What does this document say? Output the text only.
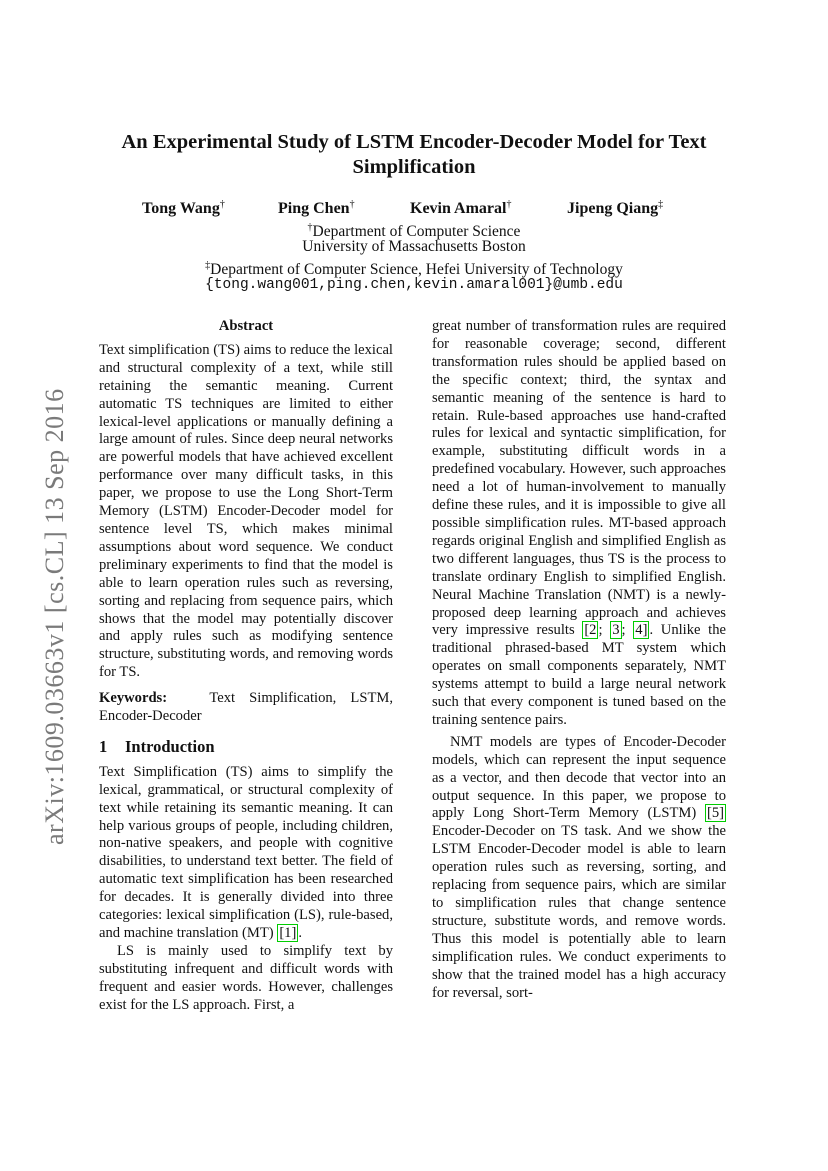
arXiv:1609.03663v1 [cs.CL] 13 Sep 2016
An Experimental Study of LSTM Encoder-Decoder Model for Text Simplification
Tong Wang†	Ping Chen†	Kevin Amaral†	Jipeng Qiang‡
†Department of Computer Science
University of Massachusetts Boston
‡Department of Computer Science, Hefei University of Technology
{tong.wang001,ping.chen,kevin.amaral001}@umb.edu
Abstract

Text simplification (TS) aims to reduce the lexical and structural complexity of a text, while still retaining the semantic meaning. Current automatic TS techniques are limited to either lexical-level applications or manually defining a large amount of rules. Since deep neural networks are powerful models that have achieved excellent performance over many difficult tasks, in this paper, we propose to use the Long Short-Term Memory (LSTM) Encoder-Decoder model for sentence level TS, which makes minimal assumptions about word sequence. We conduct preliminary experiments to find that the model is able to learn operation rules such as reversing, sorting and replacing from sequence pairs, which shows that the model may potentially discover and apply rules such as modifying sentence structure, substituting words, and removing words for TS.

Keywords:	Text Simplification, LSTM, Encoder-Decoder

1 Introduction

Text Simplification (TS) aims to simplify the lexical, grammatical, or structural complexity of text while retaining its semantic meaning. It can help various groups of people, including children, non-native speakers, and people with cognitive disabilities, to understand text better. The field of automatic text simplification has been researched for decades. It is generally divided into three categories: lexical simplification (LS), rule-based, and machine translation (MT) [1] .

LS is mainly used to simplify text by substituting infrequent and difficult words with frequent and easier words. However, challenges exist for the LS approach. First, a

great number of transformation rules are required for reasonable coverage; second, different transformation rules should be applied based on the specific context; third, the syntax and semantic meaning of the sentence is hard to retain. Rule-based approaches use hand-crafted rules for lexical and syntactic simplification, for example, substituting difficult words in a predefined vocabulary. However, such approaches need a lot of human-involvement to manually define these rules, and it is impossible to give all possible simplification rules. MT-based approach regards original English and simplified English as two different languages, thus TS is the process to translate ordinary English to simplified English. Neural Machine Translation (NMT) is a newly-proposed deep learning approach and achieves very impressive results [2 ; 3 ; 4] . Unlike the traditional phrased-based MT system which operates on small components separately, NMT systems attempt to build a large neural network such that every component is tuned based on the training sentence pairs.

NMT models are types of Encoder-Decoder models, which can represent the input sequence as a vector, and then decode that vector into an output sequence. In this paper, we propose to apply Long Short-Term Memory (LSTM) [5] Encoder-Decoder on TS task. And we show the LSTM Encoder-Decoder model is able to learn operation rules such as reversing, sorting, and replacing from sequence pairs, which are similar to simplification rules that change sentence structure, substitute words, and remove words. Thus this model is potentially able to learn simplification rules. We conduct experiments to show that the trained model has a high accuracy for reversal, sort-
